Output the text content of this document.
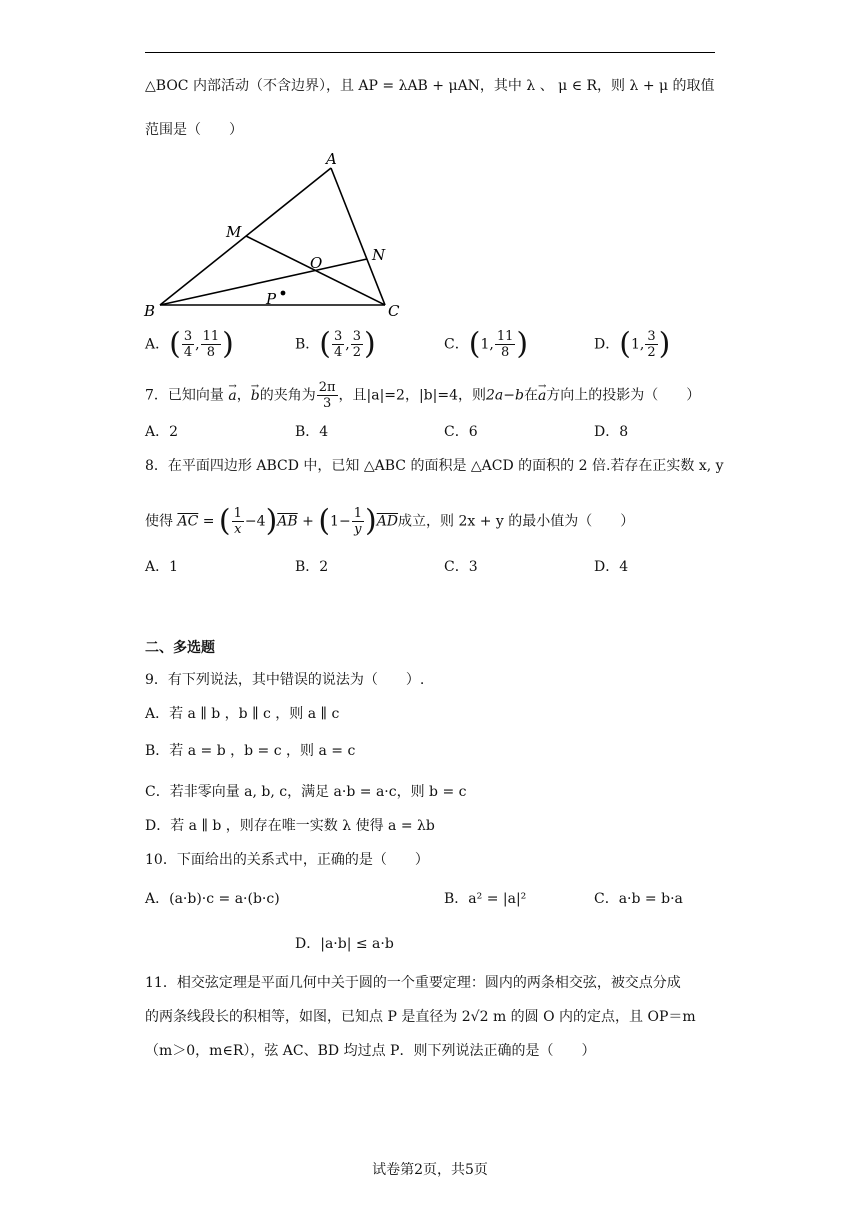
△BOC 内部活动（不含边界），且 AP = λAB + μAN，其中 λ 、 μ ∈ R，则 λ + μ 的取值
范围是（　　）
A
M
N
O
B
P
C
A．( $\frac{3}{4}$ , $\frac{11}{8}$ )	B．( $\frac{3}{4}$ , $\frac{3}{2}$ )	C．(1, $\frac{11}{8}$ )	D．(1, $\frac{3}{2}$ )
7．已知向量 → a，→ b的夹角为 $\frac{2\pi}{3}$ ，且|a|=2，|b|=4，则2a−b在→ a方向上的投影为（　　）
A．2	B．4	C．6	D．8
8．在平面四边形 ABCD 中，已知 △ABC 的面积是 △ACD 的面积的 2 倍.若存在正实数 x, y
使得 $\overline{AC}$ = ( $\frac{1}{x} -4)\overline{AB} + (1- \frac{1}{y} )\overline{AD}$成立，则 2x + y 的最小值为（　　）
A．1	B．2	C．3	D．4
二、多选题
9．有下列说法，其中错误的说法为（　　）.
A．若 a ∥ b ，b ∥ c ，则 a ∥ c
B．若 a = b ，b = c ，则 a = c
C．若非零向量 a, b, c，满足 a·b = a·c，则 b = c
D．若 a ∥ b ，则存在唯一实数 λ 使得 a = λb
10．下面给出的关系式中，正确的是（　　）
A．(a·b)·c = a·(b·c)	B．a² = |a|²	C．a·b = b·a
D．|a·b| ≤ a·b
11．相交弦定理是平面几何中关于圆的一个重要定理：圆内的两条相交弦，被交点分成
的两条线段长的积相等，如图，已知点 P 是直径为 2√2 m 的圆 O 内的定点，且 OP＝m
（m＞0，m∈R），弦 AC、BD 均过点 P．则下列说法正确的是（　　）
试卷第2页，共5页
